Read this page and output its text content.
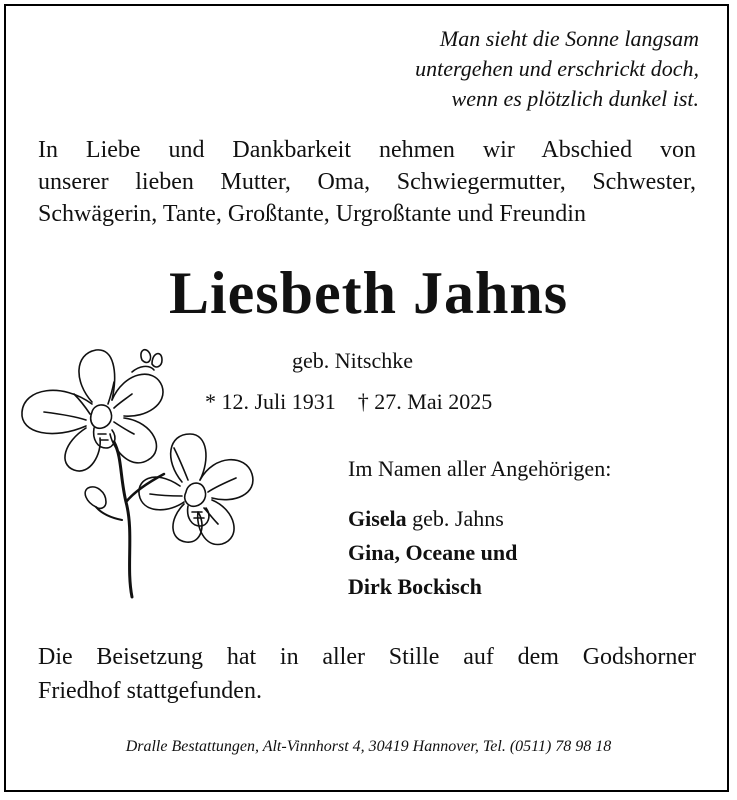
Man sieht die Sonne langsam
untergehen und erschrickt doch,
wenn es plötzlich dunkel ist.
In Liebe und Dankbarkeit nehmen wir Abschied von
unserer lieben Mutter, Oma, Schwiegermutter, Schwester,
Schwägerin, Tante, Großtante, Urgroßtante und Freundin
Liesbeth Jahns
geb. Nitschke
* 12. Juli 1931 † 27. Mai 2025
Im Namen aller Angehörigen:
Gisela geb. Jahns
Gina, Oceane und
Dirk Bockisch
Die Beisetzung hat in aller Stille auf dem Godshorner
Friedhof stattgefunden.
Dralle Bestattungen, Alt-Vinnhorst 4, 30419 Hannover, Tel. (0511) 78 98 18
